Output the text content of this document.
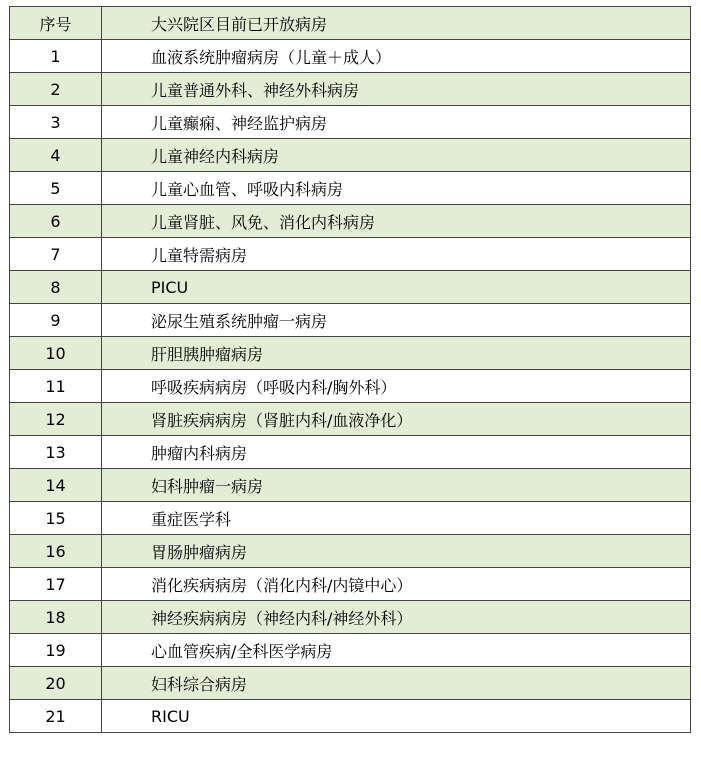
序号	大兴院区目前已开放病房
1	血液系统肿瘤病房（儿童＋成人）
2	儿童普通外科、神经外科病房
3	儿童癫痫、神经监护病房
4	儿童神经内科病房
5	儿童心血管、呼吸内科病房
6	儿童肾脏、风免、消化内科病房
7	儿童特需病房
8	PICU
9	泌尿生殖系统肿瘤一病房
10	肝胆胰肿瘤病房
11	呼吸疾病病房（呼吸内科/胸外科）
12	肾脏疾病病房（肾脏内科/血液净化）
13	肿瘤内科病房
14	妇科肿瘤一病房
15	重症医学科
16	胃肠肿瘤病房
17	消化疾病病房（消化内科/内镜中心）
18	神经疾病病房（神经内科/神经外科）
19	心血管疾病/全科医学病房
20	妇科综合病房
21	RICU
